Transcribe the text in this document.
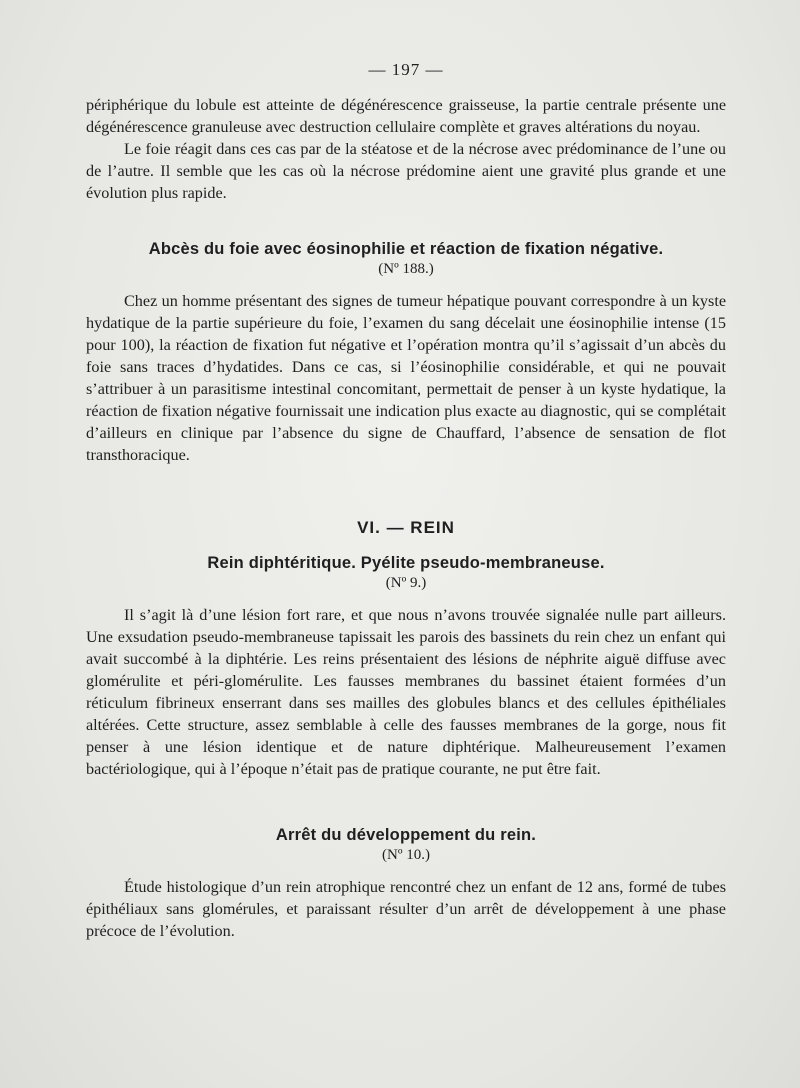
— 197 —

périphérique du lobule est atteinte de dégénérescence graisseuse, la partie centrale présente une dégénérescence granuleuse avec destruction cellulaire complète et graves altérations du noyau.

Le foie réagit dans ces cas par de la stéatose et de la nécrose avec prédominance de l’une ou de l’autre. Il semble que les cas où la nécrose prédomine aient une gravité plus grande et une évolution plus rapide.

Abcès du foie avec éosinophilie et réaction de fixation négative.
(Nº 188.)

Chez un homme présentant des signes de tumeur hépatique pouvant correspondre à un kyste hydatique de la partie supérieure du foie, l’examen du sang décelait une éosinophilie intense (15 pour 100), la réaction de fixation fut négative et l’opération montra qu’il s’agissait d’un abcès du foie sans traces d’hydatides. Dans ce cas, si l’éosinophilie considérable, et qui ne pouvait s’attribuer à un parasitisme intestinal concomitant, permettait de penser à un kyste hydatique, la réaction de fixation négative fournissait une indication plus exacte au diagnostic, qui se complétait d’ailleurs en clinique par l’absence du signe de Chauffard, l’absence de sensation de flot transthoracique.

VI. — REIN
Rein diphtéritique. Pyélite pseudo-membraneuse.
(Nº 9.)

Il s’agit là d’une lésion fort rare, et que nous n’avons trouvée signalée nulle part ailleurs. Une exsudation pseudo-membraneuse tapissait les parois des bassinets du rein chez un enfant qui avait succombé à la diphtérie. Les reins présentaient des lésions de néphrite aiguë diffuse avec glomérulite et péri-glomérulite. Les fausses membranes du bassinet étaient formées d’un réticulum fibrineux enserrant dans ses mailles des globules blancs et des cellules épithéliales altérées. Cette structure, assez semblable à celle des fausses membranes de la gorge, nous fit penser à une lésion identique et de nature diphtérique. Malheureusement l’examen bactériologique, qui à l’époque n’était pas de pratique courante, ne put être fait.

Arrêt du développement du rein.
(Nº 10.)

Étude histologique d’un rein atrophique rencontré chez un enfant de 12 ans, formé de tubes épithéliaux sans glomérules, et paraissant résulter d’un arrêt de développement à une phase précoce de l’évolution.
